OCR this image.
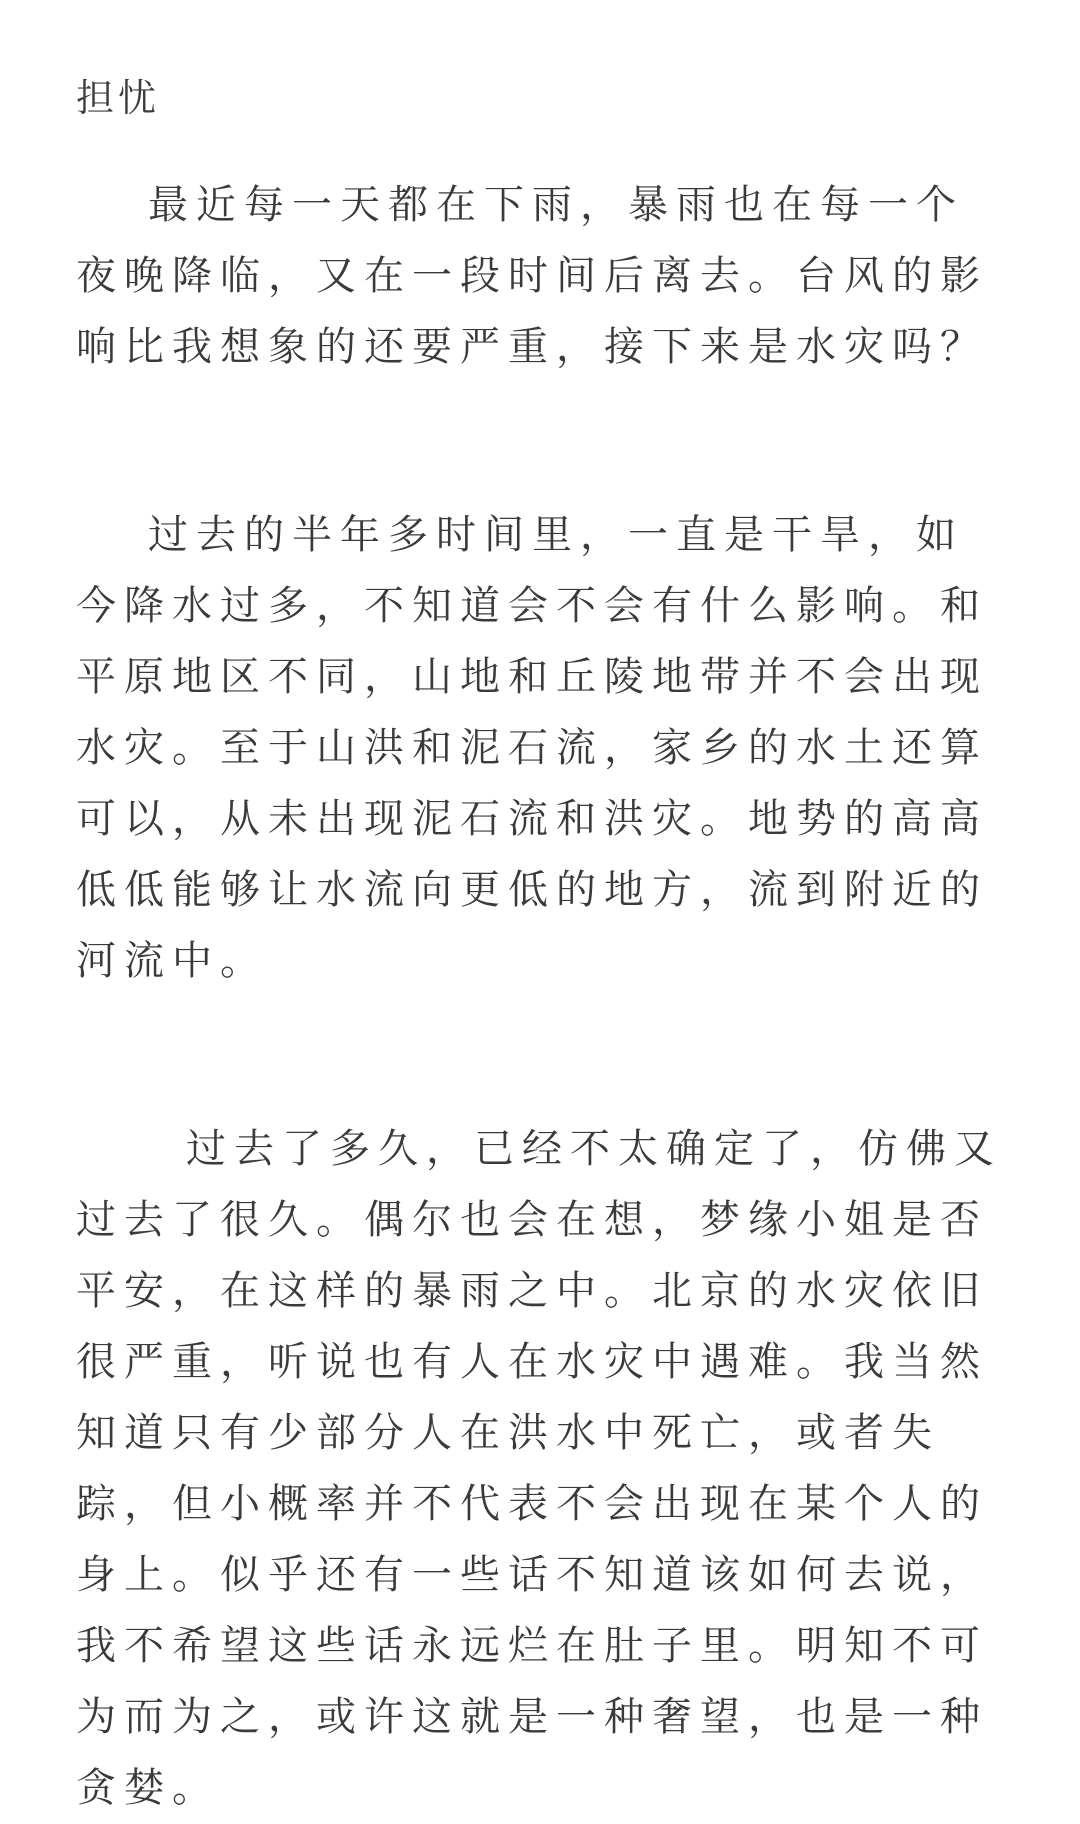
担忧

最近每一天都在下雨，暴雨也在每一个夜晚降临，又在一段时间后离去。台风的影响比我想象的还要严重，接下来是水灾吗？

过去的半年多时间里，一直是干旱，如今降水过多，不知道会不会有什么影响。和平原地区不同，山地和丘陵地带并不会出现水灾。至于山洪和泥石流，家乡的水土还算可以，从未出现泥石流和洪灾。地势的高高低低能够让水流向更低的地方，流到附近的河流中。

过去了多久，已经不太确定了，仿佛又过去了很久。偶尔也会在想，梦缘小姐是否平安，在这样的暴雨之中。北京的水灾依旧很严重，听说也有人在水灾中遇难。我当然知道只有少部分人在洪水中死亡，或者失踪，但小概率并不代表不会出现在某个人的身上。似乎还有一些话不知道该如何去说，我不希望这些话永远烂在肚子里。明知不可为而为之，或许这就是一种奢望，也是一种贪婪。
